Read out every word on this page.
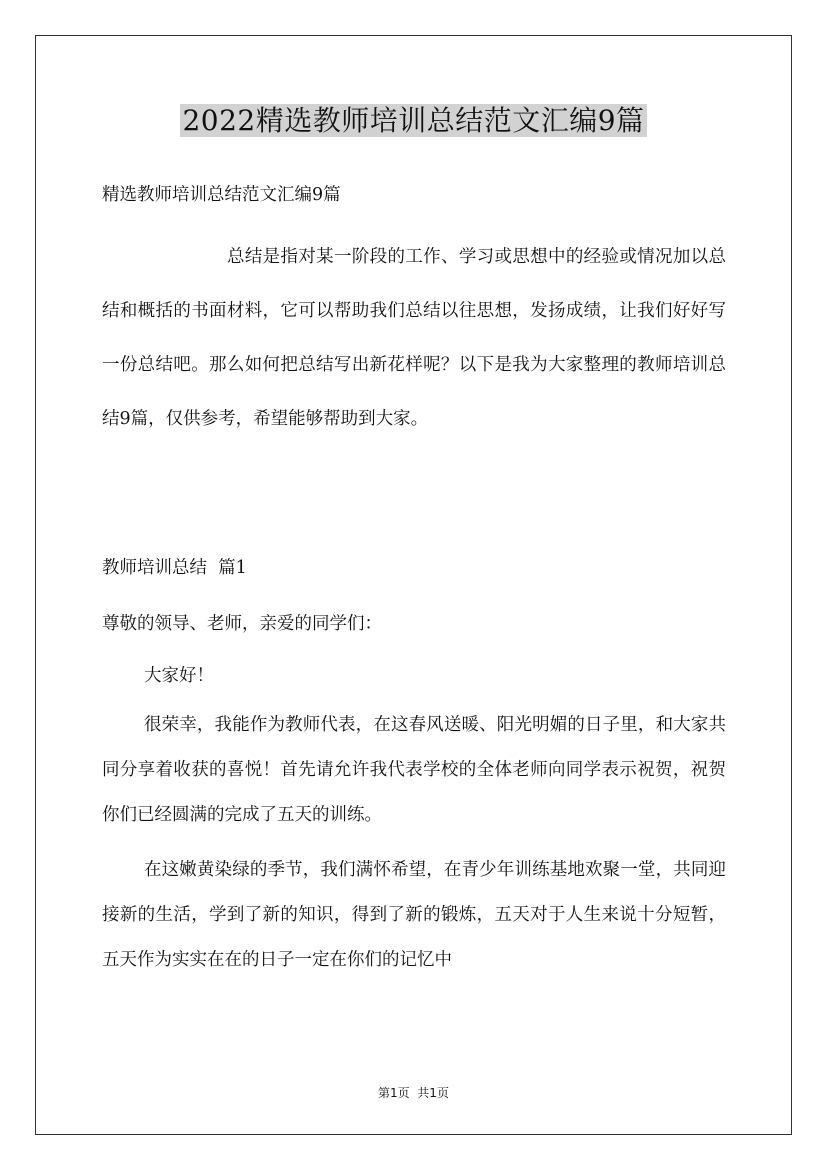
2022精选教师培训总结范文汇编9篇

精选教师培训总结范文汇编9篇

总结是指对某一阶段的工作、学习或思想中的经验或情况加以总结和概括的书面材料，它可以帮助我们总结以往思想，发扬成绩，让我们好好写一份总结吧。那么如何把总结写出新花样呢？以下是我为大家整理的教师培训总结9篇，仅供参考，希望能够帮助到大家。

教师培训总结  篇1

尊敬的领导、老师，亲爱的同学们：

大家好！

很荣幸，我能作为教师代表，在这春风送暖、阳光明媚的日子里，和大家共同分享着收获的喜悦！首先请允许我代表学校的全体老师向同学表示祝贺，祝贺你们已经圆满的完成了五天的训练。

在这嫩黄染绿的季节，我们满怀希望，在青少年训练基地欢聚一堂，共同迎接新的生活，学到了新的知识，得到了新的锻炼，五天对于人生来说十分短暂，五天作为实实在在的日子一定在你们的记忆中

第1页  共1页
